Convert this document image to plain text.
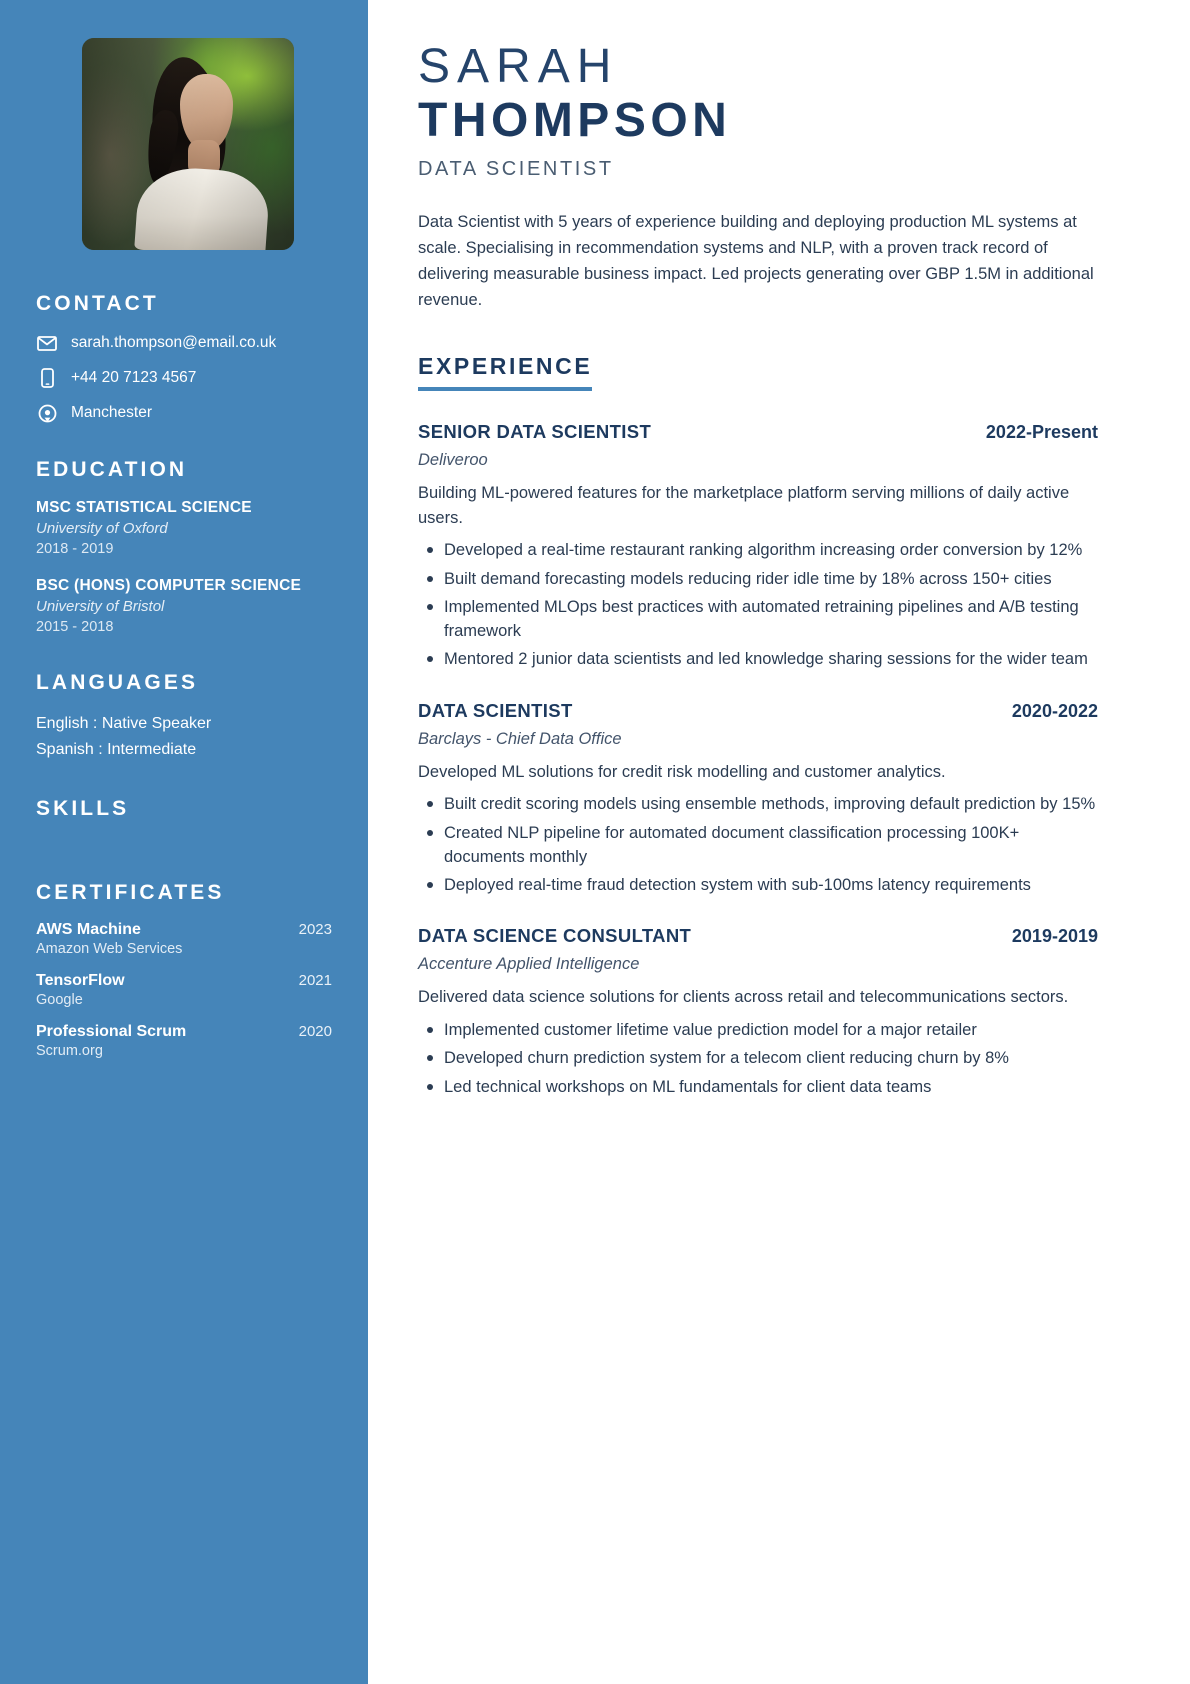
CONTACT
sarah.thompson@email.co.uk
+44 20 7123 4567
Manchester
EDUCATION
MSC STATISTICAL SCIENCE
University of Oxford
2018 - 2019
BSC (HONS) COMPUTER SCIENCE
University of Bristol
2015 - 2018
LANGUAGES
English : Native Speaker
Spanish : Intermediate
SKILLS
CERTIFICATES
AWS Machine	2023
Amazon Web Services
TensorFlow	2021
Google
Professional Scrum	2020
Scrum.org
SARAH
THOMPSON
DATA SCIENTIST

Data Scientist with 5 years of experience building and deploying production ML systems at scale. Specialising in recommendation systems and NLP, with a proven track record of delivering measurable business impact. Led projects generating over GBP 1.5M in additional revenue.

EXPERIENCE
SENIOR DATA SCIENTIST	2022-Present
Deliveroo
Building ML-powered features for the marketplace platform serving millions of daily active users.
Developed a real-time restaurant ranking algorithm increasing order conversion by 12%
Built demand forecasting models reducing rider idle time by 18% across 150+ cities
Implemented MLOps best practices with automated retraining pipelines and A/B testing framework
Mentored 2 junior data scientists and led knowledge sharing sessions for the wider team
DATA SCIENTIST	2020-2022
Barclays - Chief Data Office
Developed ML solutions for credit risk modelling and customer analytics.
Built credit scoring models using ensemble methods, improving default prediction by 15%
Created NLP pipeline for automated document classification processing 100K+ documents monthly
Deployed real-time fraud detection system with sub-100ms latency requirements
DATA SCIENCE CONSULTANT	2019-2019
Accenture Applied Intelligence
Delivered data science solutions for clients across retail and telecommunications sectors.
Implemented customer lifetime value prediction model for a major retailer
Developed churn prediction system for a telecom client reducing churn by 8%
Led technical workshops on ML fundamentals for client data teams
